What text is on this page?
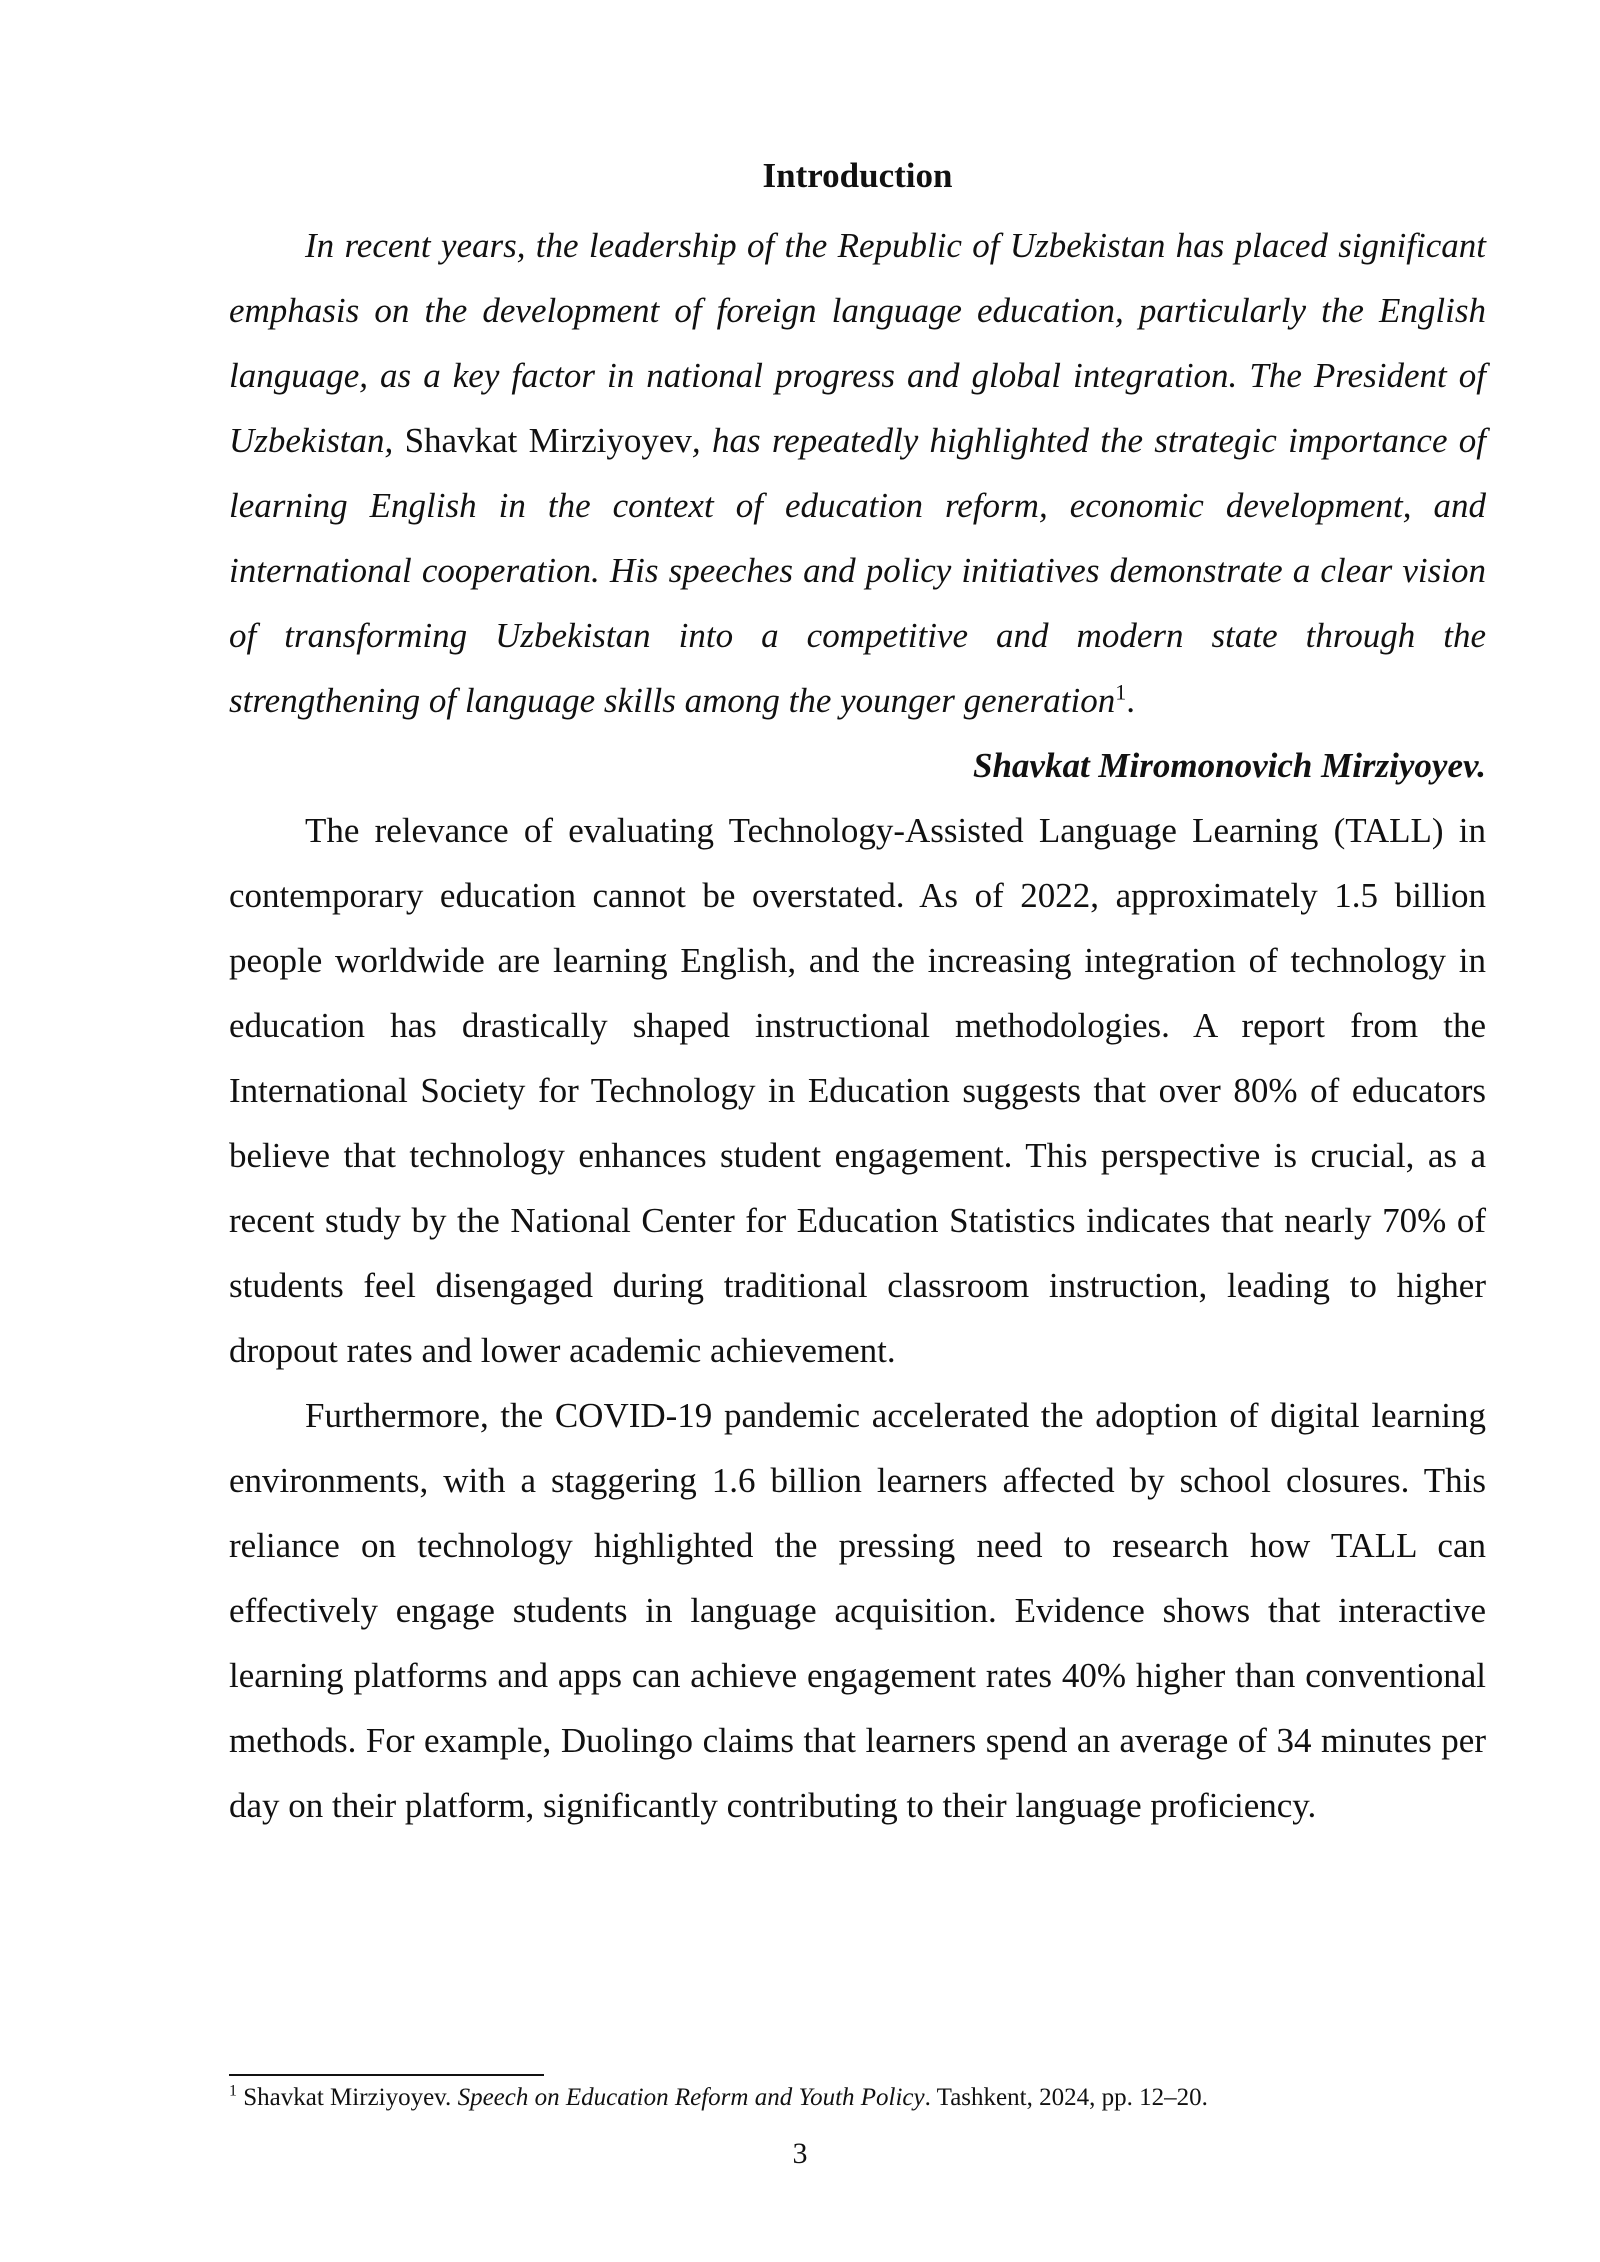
Introduction

In recent years, the leadership of the Republic of Uzbekistan has placed significant emphasis on the development of foreign language education, particularly the English language, as a key factor in national progress and global integration. The President of Uzbekistan, Shavkat Mirziyoyev, has repeatedly highlighted the strategic importance of learning English in the context of education reform, economic development, and international cooperation. His speeches and policy initiatives demonstrate a clear vision of transforming Uzbekistan into a competitive and modern state through the strengthening of language skills among the younger generation$^1$.

Shavkat Miromonovich Mirziyoyev.

The relevance of evaluating Technology-Assisted Language Learning (TALL) in contemporary education cannot be overstated. As of 2022, approximately 1.5 billion people worldwide are learning English, and the increasing integration of technology in education has drastically shaped instructional methodologies. A report from the International Society for Technology in Education suggests that over 80% of educators believe that technology enhances student engagement. This perspective is crucial, as a recent study by the National Center for Education Statistics indicates that nearly 70% of students feel disengaged during traditional classroom instruction, leading to higher dropout rates and lower academic achievement.

Furthermore, the COVID-19 pandemic accelerated the adoption of digital learning environments, with a staggering 1.6 billion learners affected by school closures. This reliance on technology highlighted the pressing need to research how TALL can effectively engage students in language acquisition. Evidence shows that interactive learning platforms and apps can achieve engagement rates 40% higher than conventional methods. For example, Duolingo claims that learners spend an average of 34 minutes per day on their platform, significantly contributing to their language proficiency.

$^1$ Shavkat Mirziyoyev. Speech on Education Reform and Youth Policy. Tashkent, 2024, pp. 12–20.
3
